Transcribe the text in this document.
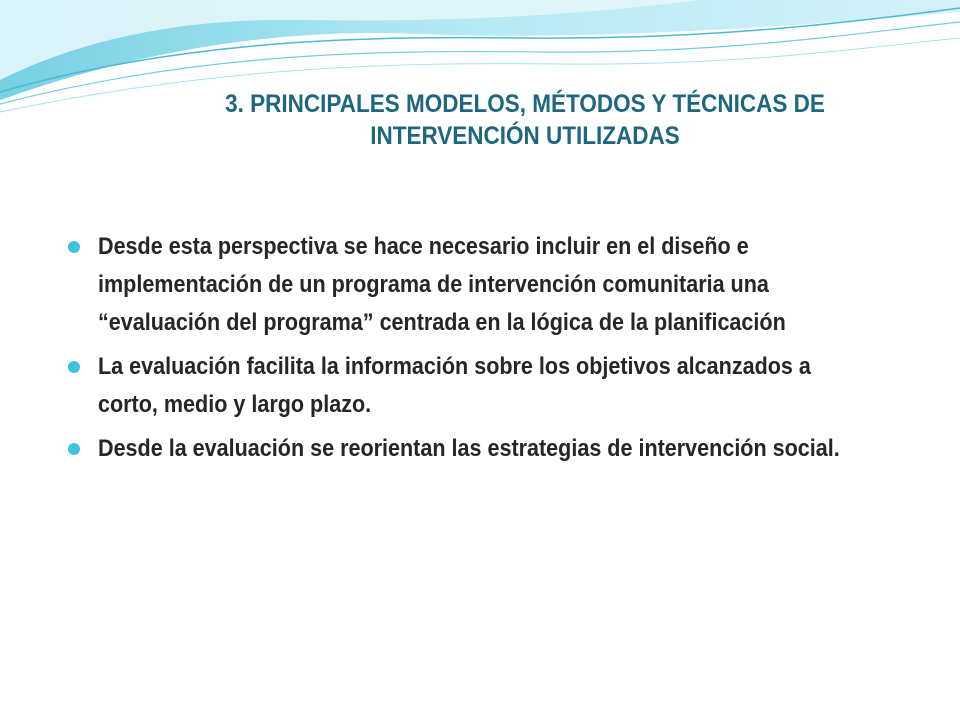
3. PRINCIPALES MODELOS, MÉTODOS Y TÉCNICAS DE
INTERVENCIÓN UTILIZADAS
Desde esta perspectiva se hace necesario incluir en el diseño e implementación de un programa de intervención comunitaria una “evaluación del programa” centrada en la lógica de la planificación
La evaluación facilita la información sobre los objetivos alcanzados a corto, medio y largo plazo.
Desde la evaluación se reorientan las estrategias de intervención social.
